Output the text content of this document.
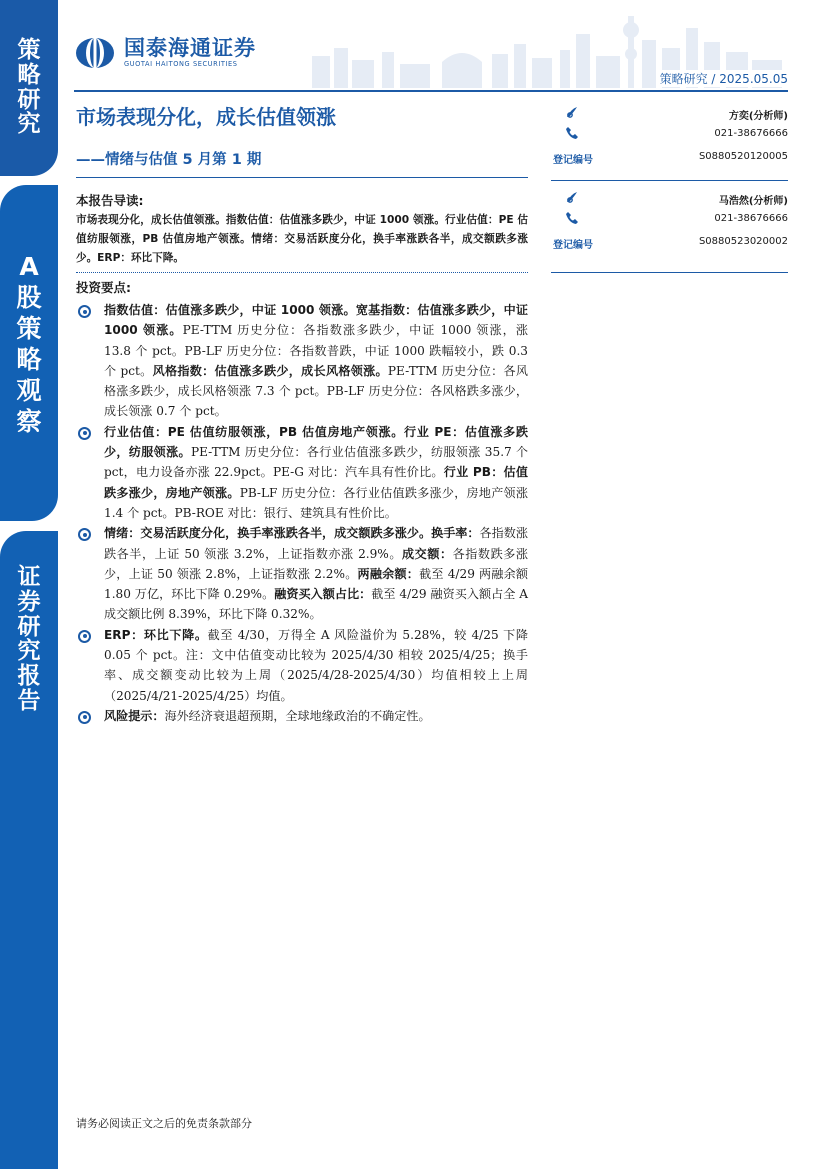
策
略
研
究
A
股
策
略
观
察
证
券
研
究
报
告
国泰海通证券
GUOTAI HAITONG SECURITIES
策略研究 / 2025.05.05
市场表现分化，成长估值领涨
——情绪与估值 5 月第 1 期
方奕(分析师)
021-38676666
登记编号	S0880520120005
马浩然(分析师)
021-38676666
登记编号	S0880523020002
本报告导读:
市场表现分化，成长估值领涨。指数估值：估值涨多跌少，中证 1000 领涨。行业估值：PE 估值纺服领涨，PB 估值房地产领涨。情绪：交易活跃度分化，换手率涨跌各半，成交额跌多涨少。ERP：环比下降。
投资要点:
指数估值：估值涨多跌少，中证 1000 领涨。宽基指数：估值涨多跌少，中证 1000 领涨。PE-TTM 历史分位：各指数涨多跌少，中证 1000 领涨，涨 13.8 个 pct。PB-LF 历史分位：各指数普跌，中证 1000 跌幅较小，跌 0.3 个 pct。风格指数：估值涨多跌少，成长风格领涨。PE-TTM 历史分位：各风格涨多跌少，成长风格领涨 7.3 个 pct。PB-LF 历史分位：各风格跌多涨少，成长领涨 0.7 个 pct。
行业估值：PE 估值纺服领涨，PB 估值房地产领涨。行业 PE：估值涨多跌少，纺服领涨。PE-TTM 历史分位：各行业估值涨多跌少，纺服领涨 35.7 个 pct，电力设备亦涨 22.9pct。PE-G 对比：汽车具有性价比。行业 PB：估值跌多涨少，房地产领涨。PB-LF 历史分位：各行业估值跌多涨少，房地产领涨 1.4 个 pct。PB-ROE 对比：银行、建筑具有性价比。
情绪：交易活跃度分化，换手率涨跌各半，成交额跌多涨少。换手率：各指数涨跌各半，上证 50 领涨 3.2%，上证指数亦涨 2.9%。成交额：各指数跌多涨少，上证 50 领涨 2.8%，上证指数涨 2.2%。两融余额：截至 4/29 两融余额 1.80 万亿，环比下降 0.29%。融资买入额占比：截至 4/29 融资买入额占全 A 成交额比例 8.39%，环比下降 0.32%。
ERP：环比下降。截至 4/30，万得全 A 风险溢价为 5.28%，较 4/25 下降 0.05 个 pct。注：文中估值变动比较为 2025/4/30 相较 2025/4/25；换手率、成交额变动比较为上周（2025/4/28-2025/4/30）均值相较上上周（2025/4/21-2025/4/25）均值。
风险提示：海外经济衰退超预期，全球地缘政治的不确定性。
请务必阅读正文之后的免责条款部分
